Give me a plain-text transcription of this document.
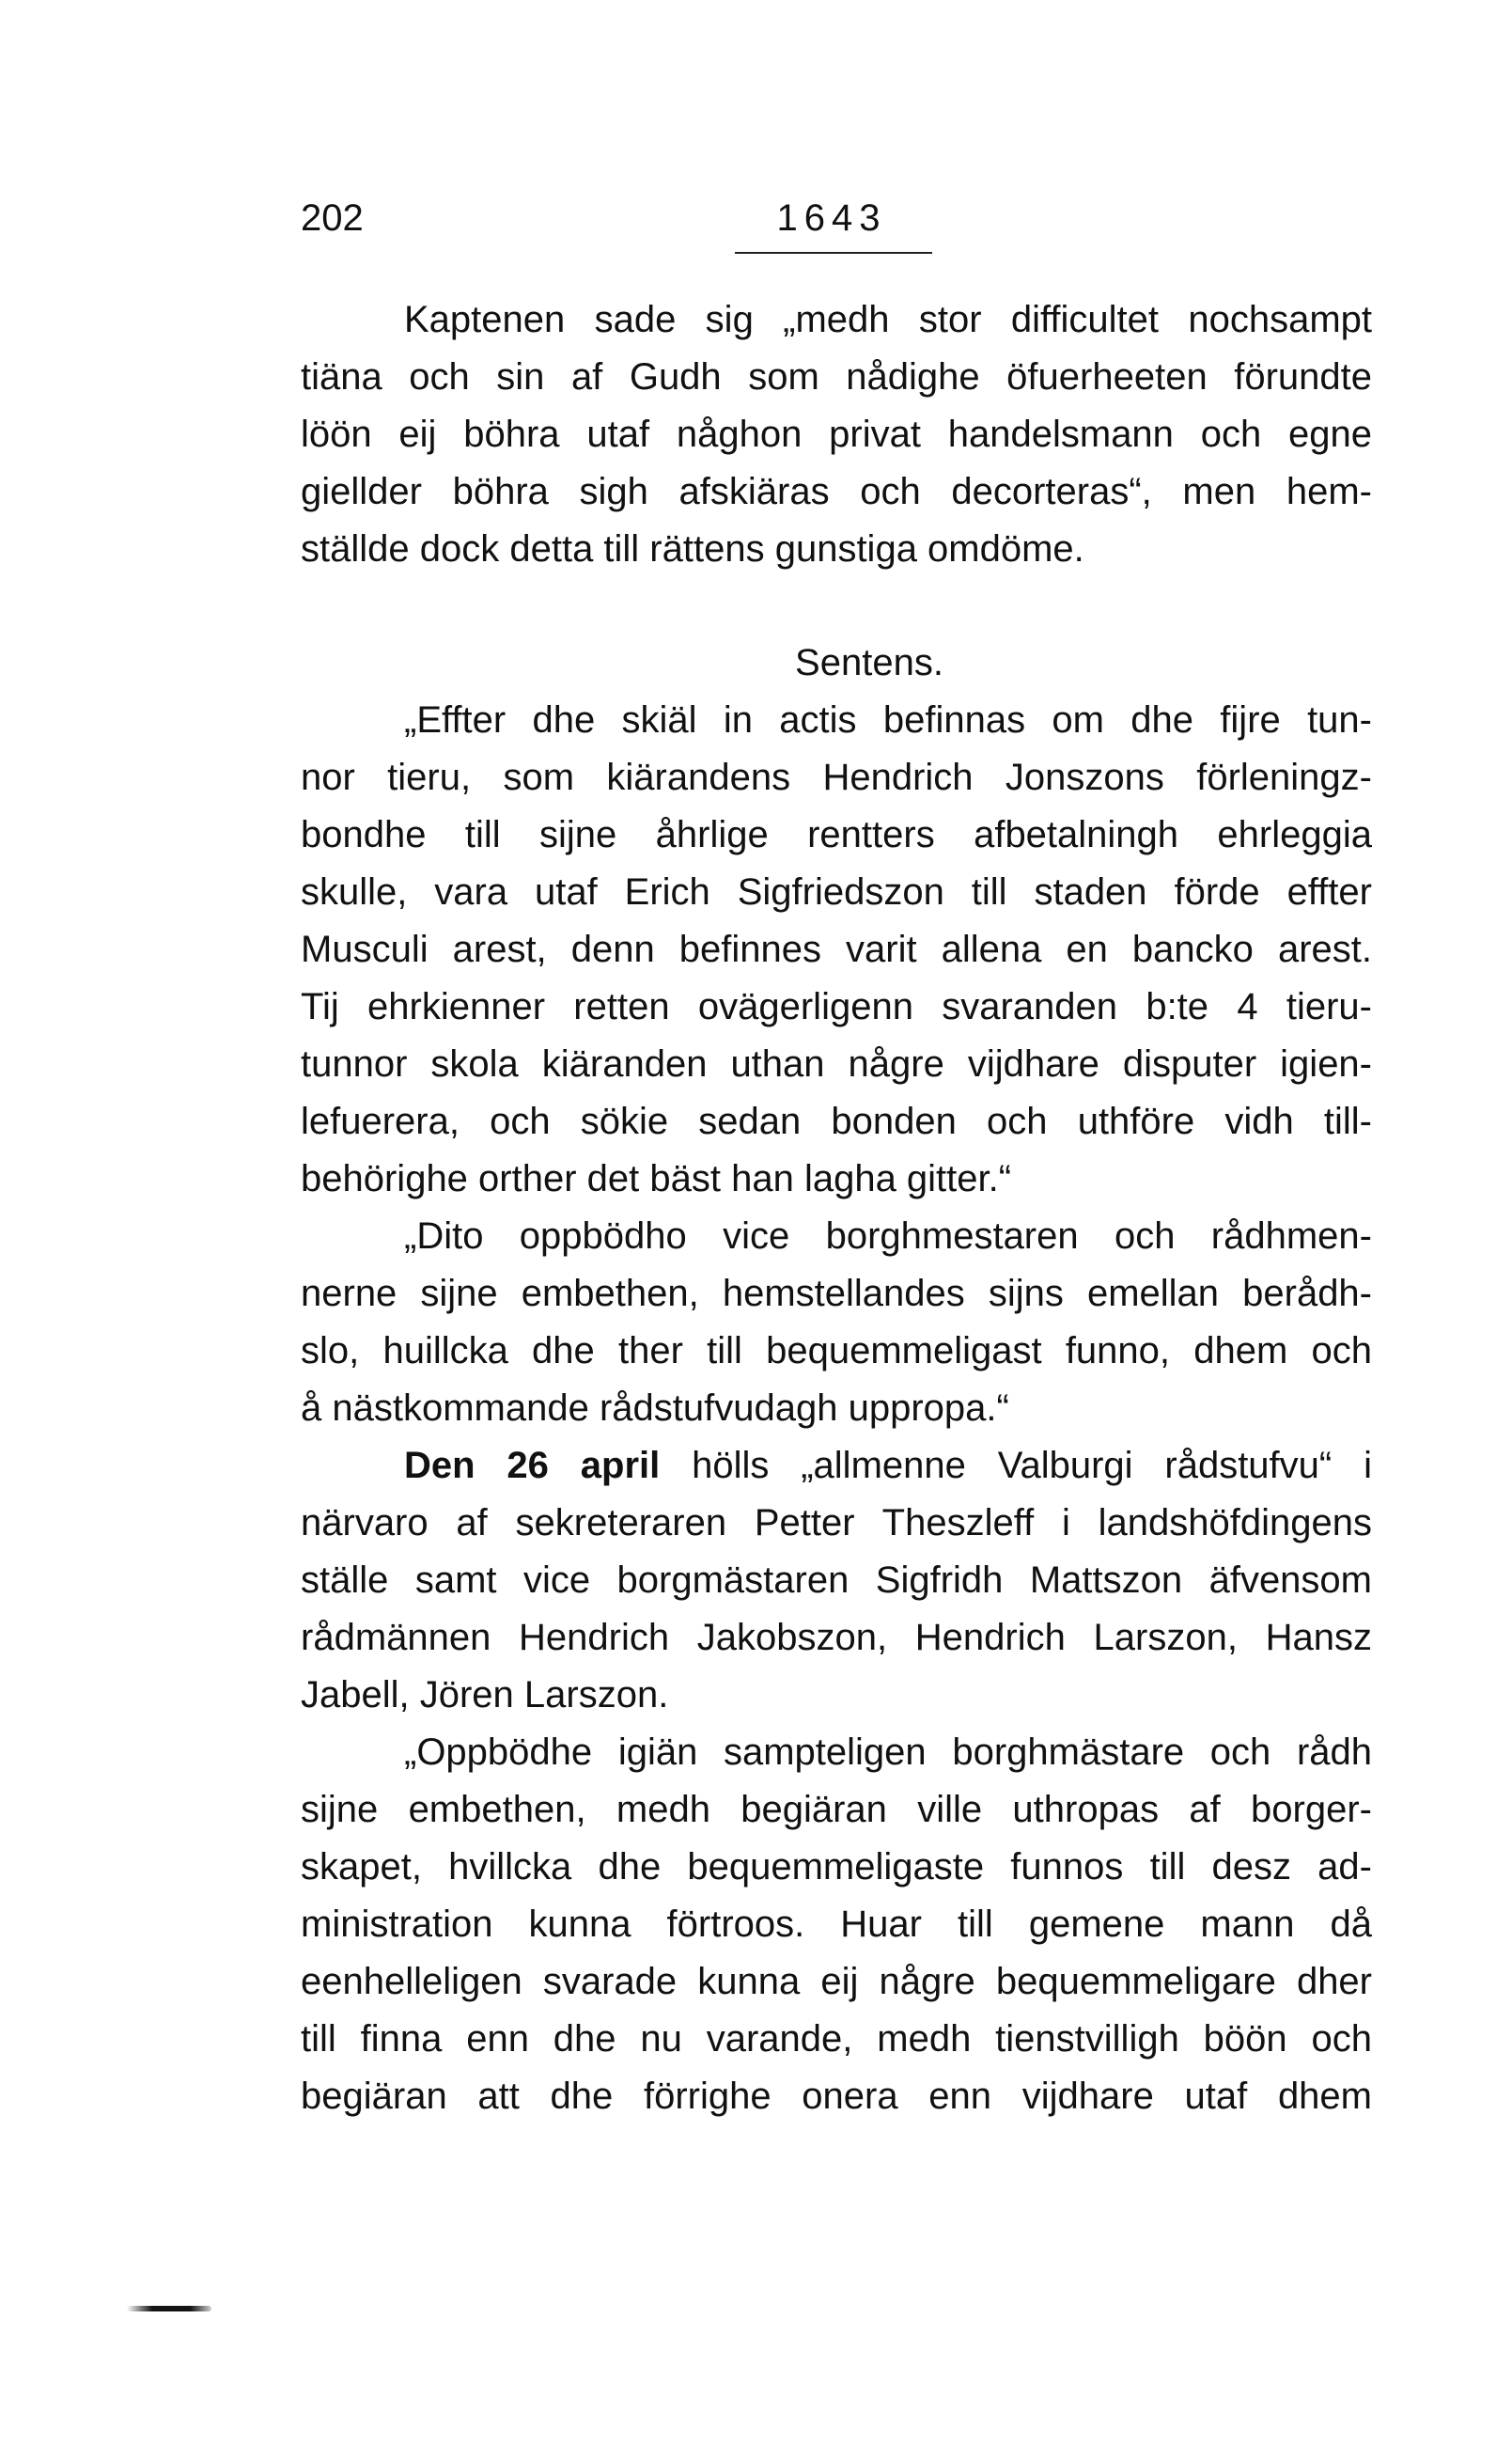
202	1643
Kaptenen sade sig „medh stor difficultet nochsampt
tiäna och sin af Gudh som nådighe öfuerheeten förundte
löön eij böhra utaf någhon privat handelsmann och egne
giellder böhra sigh afskiäras och decorteras“, men hem-
ställde dock detta till rättens gunstiga omdöme.
Sentens.
„Effter dhe skiäl in actis befinnas om dhe fijre tun-
nor tieru, som kiärandens Hendrich Jonszons förleningz-
bondhe till sijne åhrlige rentters afbetalningh ehrleggia
skulle, vara utaf Erich Sigfriedszon till staden förde effter
Musculi arest, denn befinnes varit allena en bancko arest.
Tij ehrkienner retten ovägerligenn svaranden b:te 4 tieru-
tunnor skola kiäranden uthan någre vijdhare disputer igien-
lefuerera, och sökie sedan bonden och uthföre vidh till-
behörighe orther det bäst han lagha gitter.“
„Dito oppbödho vice borghmestaren och rådhmen-
nerne sijne embethen, hemstellandes sijns emellan berådh-
slo, huillcka dhe ther till bequemmeligast funno, dhem och
å nästkommande rådstufvudagh uppropa.“
Den 26 april hölls „allmenne Valburgi rådstufvu“ i
närvaro af sekreteraren Petter Theszleff i landshöfdingens
ställe samt vice borgmästaren Sigfridh Mattszon äfvensom
rådmännen Hendrich Jakobszon, Hendrich Larszon, Hansz
Jabell, Jören Larszon.
„Oppbödhe igiän sampteligen borghmästare och rådh
sijne embethen, medh begiäran ville uthropas af borger-
skapet, hvillcka dhe bequemmeligaste funnos till desz ad-
ministration kunna förtroos. Huar till gemene mann då
eenhelleligen svarade kunna eij någre bequemmeligare dher
till finna enn dhe nu varande, medh tienstvilligh böön och
begiäran att dhe förrighe onera enn vijdhare utaf dhem
